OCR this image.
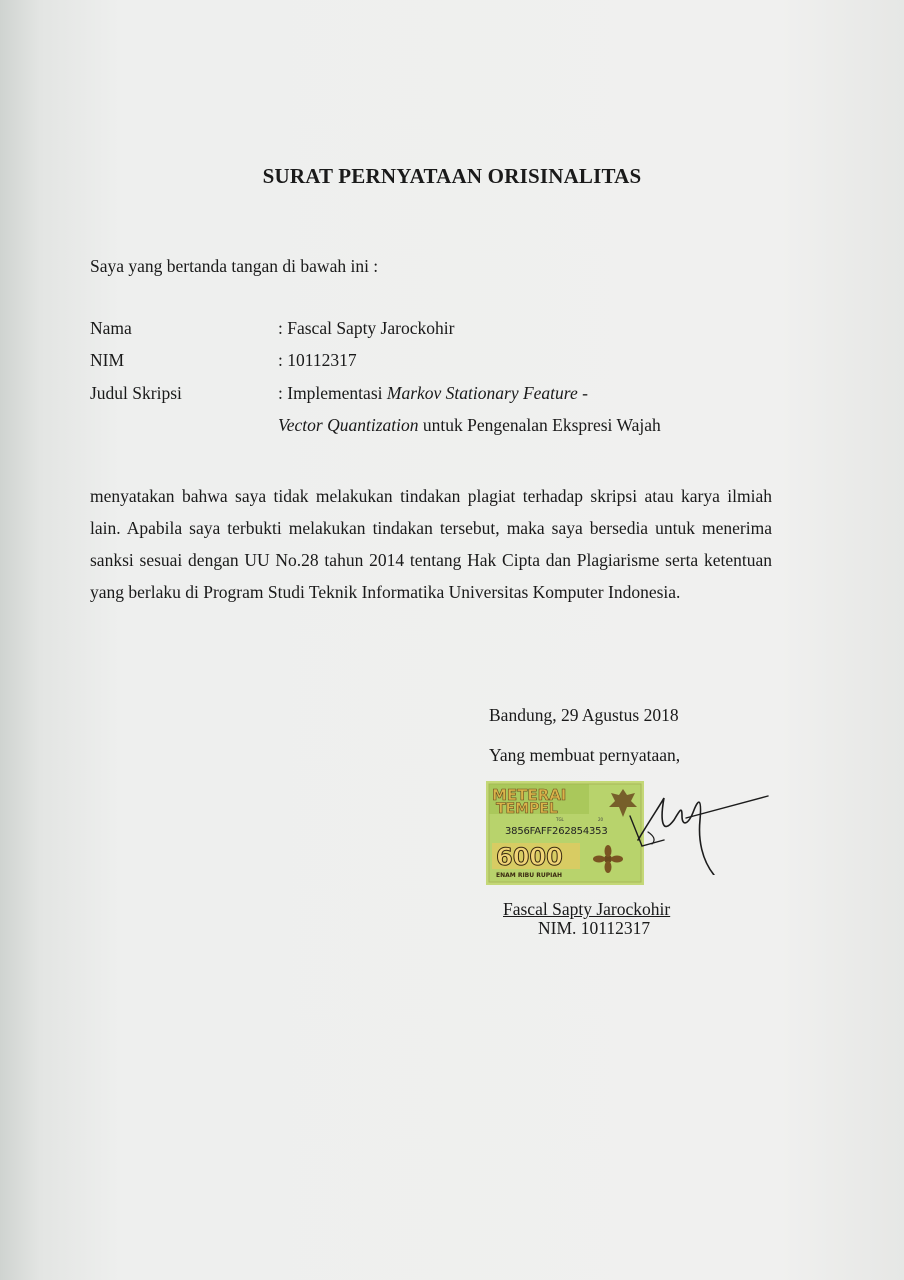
SURAT PERNYATAAN ORISINALITAS
Saya yang bertanda tangan di bawah ini :
Nama	: Fascal Sapty Jarockohir
NIM	: 10112317
Judul Skripsi	: Implementasi Markov Stationary Feature -
Vector Quantization untuk Pengenalan Ekspresi Wajah
menyatakan bahwa saya tidak melakukan tindakan plagiat terhadap skripsi atau karya ilmiah lain. Apabila saya terbukti melakukan tindakan tersebut, maka saya bersedia untuk menerima sanksi sesuai dengan UU No.28 tahun 2014 tentang Hak Cipta dan Plagiarisme serta ketentuan yang berlaku di Program Studi Teknik Informatika Universitas Komputer Indonesia.
Bandung, 29 Agustus 2018
Yang membuat pernyataan,
METERAI
TEMPEL
TGL	20
6000
ENAM RIBU RUPIAH
3856FAFF262854353
Fascal Sapty Jarockohir
NIM. 10112317
